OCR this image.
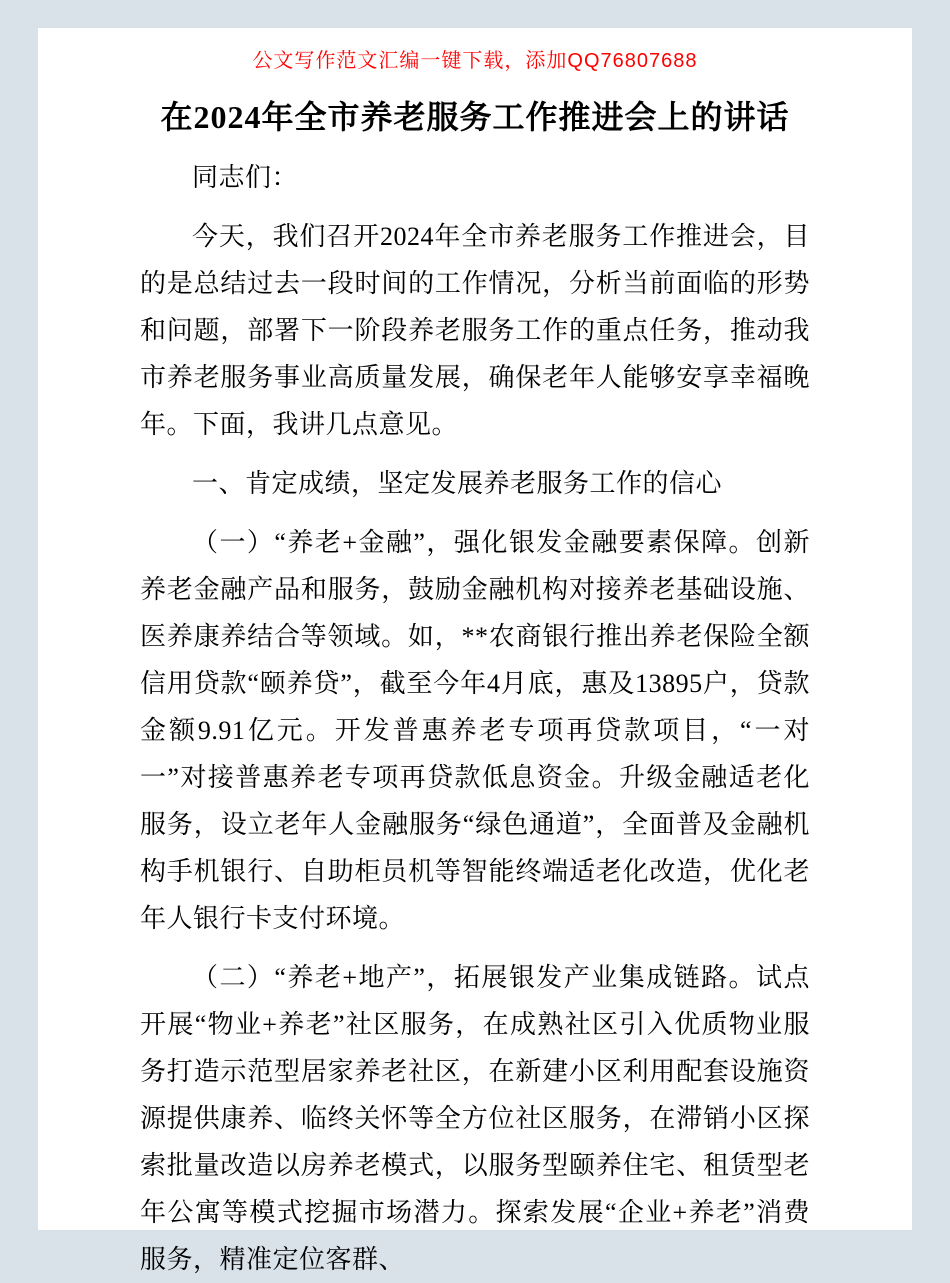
公文写作范文汇编一键下载，添加QQ76807688
在2024年全市养老服务工作推进会上的讲话

同志们：

今天，我们召开2024年全市养老服务工作推进会，目的是总结过去一段时间的工作情况，分析当前面临的形势和问题，部署下一阶段养老服务工作的重点任务，推动我市养老服务事业高质量发展，确保老年人能够安享幸福晚年。下面，我讲几点意见。

一、肯定成绩，坚定发展养老服务工作的信心

（一）“养老+金融”，强化银发金融要素保障。创新养老金融产品和服务，鼓励金融机构对接养老基础设施、医养康养结合等领域。如，**农商银行推出养老保险全额信用贷款“颐养贷”，截至今年4月底，惠及13895户，贷款金额9.91亿元。开发普惠养老专项再贷款项目，“一对一”对接普惠养老专项再贷款低息资金。升级金融适老化服务，设立老年人金融服务“绿色通道”，全面普及金融机构手机银行、自助柜员机等智能终端适老化改造，优化老年人银行卡支付环境。

（二）“养老+地产”，拓展银发产业集成链路。试点开展“物业+养老”社区服务，在成熟社区引入优质物业服务打造示范型居家养老社区，在新建小区利用配套设施资源提供康养、临终关怀等全方位社区服务，在滞销小区探索批量改造以房养老模式，以服务型颐养住宅、租赁型老年公寓等模式挖掘市场潜力。探索发展“企业+养老”消费服务，精准定位客群、
